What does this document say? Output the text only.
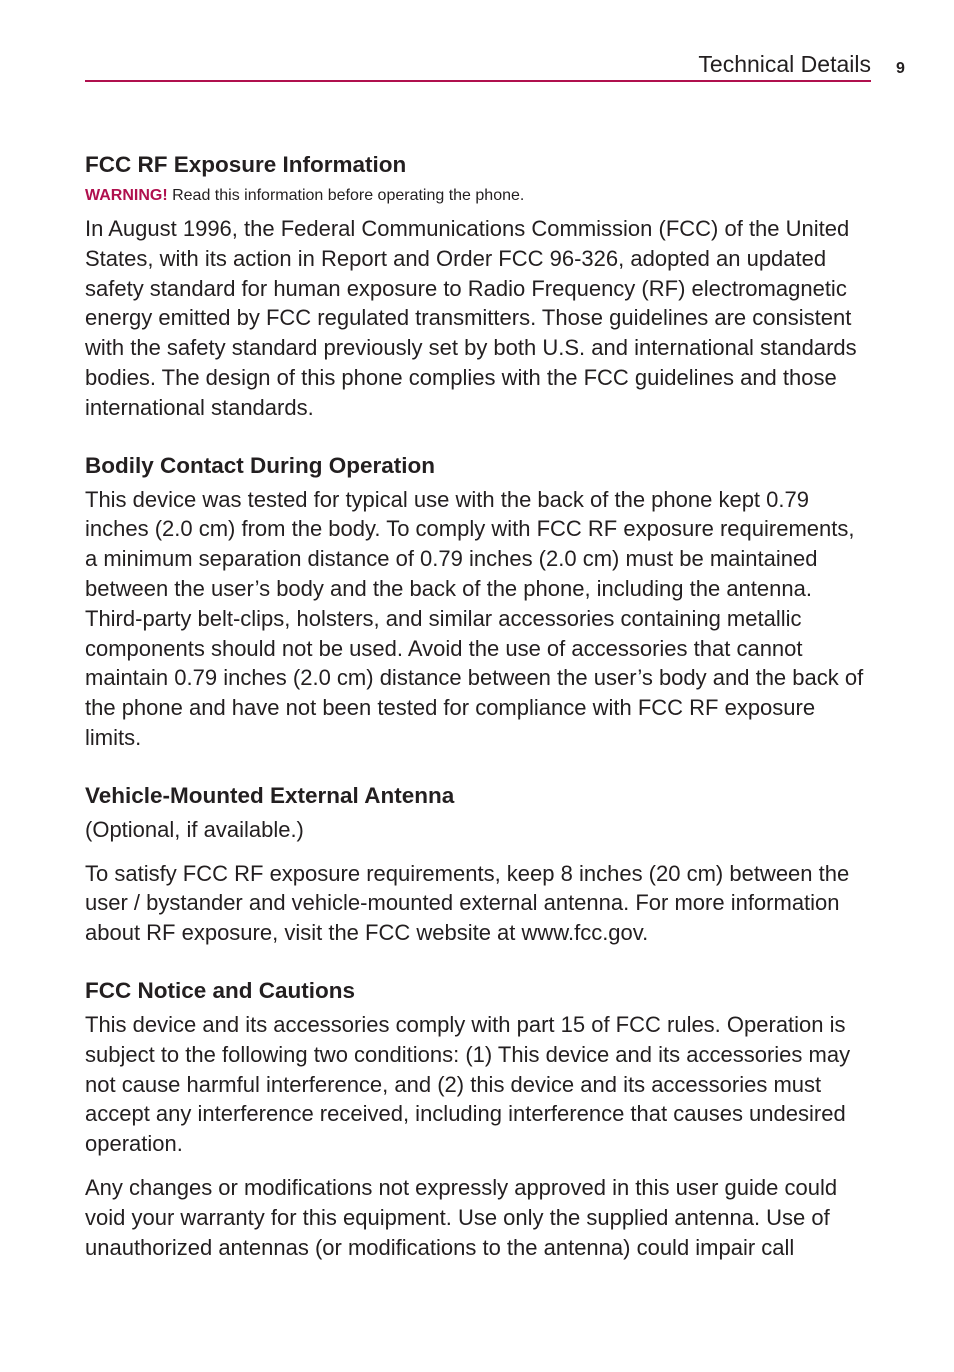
Technical Details 9
FCC RF Exposure Information
WARNING! Read this information before operating the phone.

In August 1996, the Federal Communications Commission (FCC) of the United States, with its action in Report and Order FCC 96-326, adopted an updated safety standard for human exposure to Radio Frequency (RF) electromagnetic energy emitted by FCC regulated transmitters. Those guidelines are consistent with the safety standard previously set by both U.S. and international standards bodies. The design of this phone complies with the FCC guidelines and those international standards.

Bodily Contact During Operation

This device was tested for typical use with the back of the phone kept 0.79 inches (2.0 cm) from the body. To comply with FCC RF exposure requirements, a minimum separation distance of 0.79 inches (2.0 cm) must be maintained between the user’s body and the back of the phone, including the antenna. Third-party belt-clips, holsters, and similar accessories containing metallic components should not be used. Avoid the use of accessories that cannot maintain 0.79 inches (2.0 cm) distance between the user’s body and the back of the phone and have not been tested for compliance with FCC RF exposure limits.

Vehicle-Mounted External Antenna

(Optional, if available.)

To satisfy FCC RF exposure requirements, keep 8 inches (20 cm) between the user / bystander and vehicle-mounted external antenna. For more information about RF exposure, visit the FCC website at www.fcc.gov.

FCC Notice and Cautions

This device and its accessories comply with part 15 of FCC rules. Operation is subject to the following two conditions: (1) This device and its accessories may not cause harmful interference, and (2) this device and its accessories must accept any interference received, including interference that causes undesired operation.

Any changes or modifications not expressly approved in this user guide could void your warranty for this equipment. Use only the supplied antenna. Use of unauthorized antennas (or modifications to the antenna) could impair call
